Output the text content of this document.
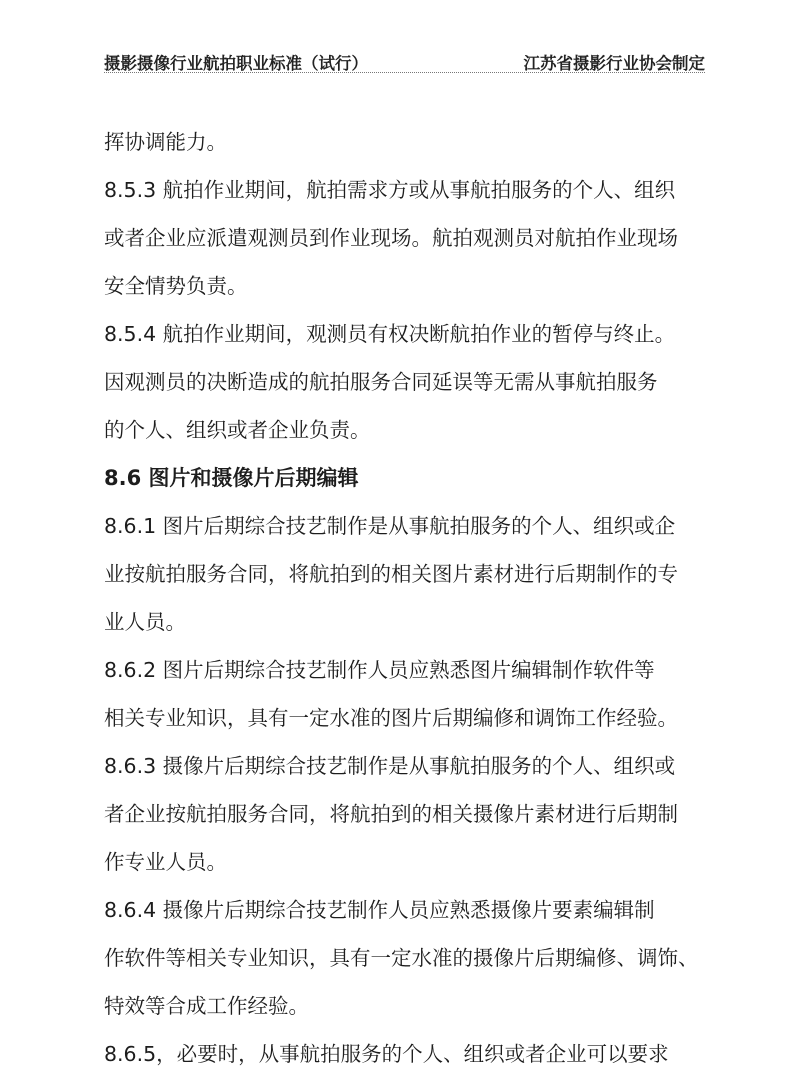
摄影摄像行业航拍职业标准（试行）	江苏省摄影行业协会制定
挥协调能力。
8.5.3 航拍作业期间，航拍需求方或从事航拍服务的个人、组织
或者企业应派遣观测员到作业现场。航拍观测员对航拍作业现场
安全情势负责。
8.5.4 航拍作业期间，观测员有权决断航拍作业的暂停与终止。
因观测员的决断造成的航拍服务合同延误等无需从事航拍服务
的个人、组织或者企业负责。
8.6 图片和摄像片后期编辑
8.6.1 图片后期综合技艺制作是从事航拍服务的个人、组织或企
业按航拍服务合同，将航拍到的相关图片素材进行后期制作的专
业人员。
8.6.2 图片后期综合技艺制作人员应熟悉图片编辑制作软件等
相关专业知识，具有一定水准的图片后期编修和调饰工作经验。
8.6.3 摄像片后期综合技艺制作是从事航拍服务的个人、组织或
者企业按航拍服务合同，将航拍到的相关摄像片素材进行后期制
作专业人员。
8.6.4 摄像片后期综合技艺制作人员应熟悉摄像片要素编辑制
作软件等相关专业知识，具有一定水准的摄像片后期编修、调饰、
特效等合成工作经验。
8.6.5，必要时，从事航拍服务的个人、组织或者企业可以要求
